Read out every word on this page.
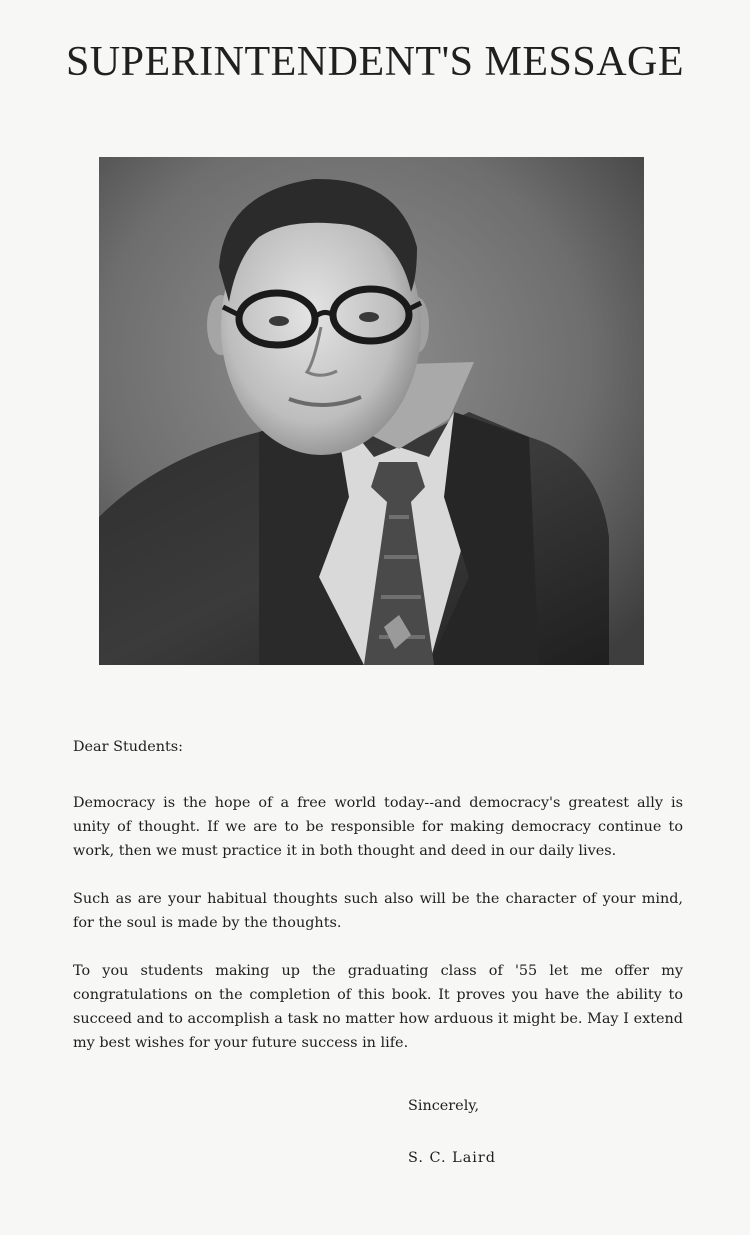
SUPERINTENDENT'S MESSAGE

Dear Students:

Democracy is the hope of a free world today--and democracy's greatest ally is unity of thought. If we are to be responsible for making democracy continue to work, then we must practice it in both thought and deed in our daily lives.

Such as are your habitual thoughts such also will be the character of your mind, for the soul is made by the thoughts.

To you students making up the graduating class of '55 let me offer my congratulations on the completion of this book. It proves you have the ability to succeed and to accomplish a task no matter how arduous it might be. May I extend my best wishes for your future success in life.

Sincerely,
S. C. Laird
